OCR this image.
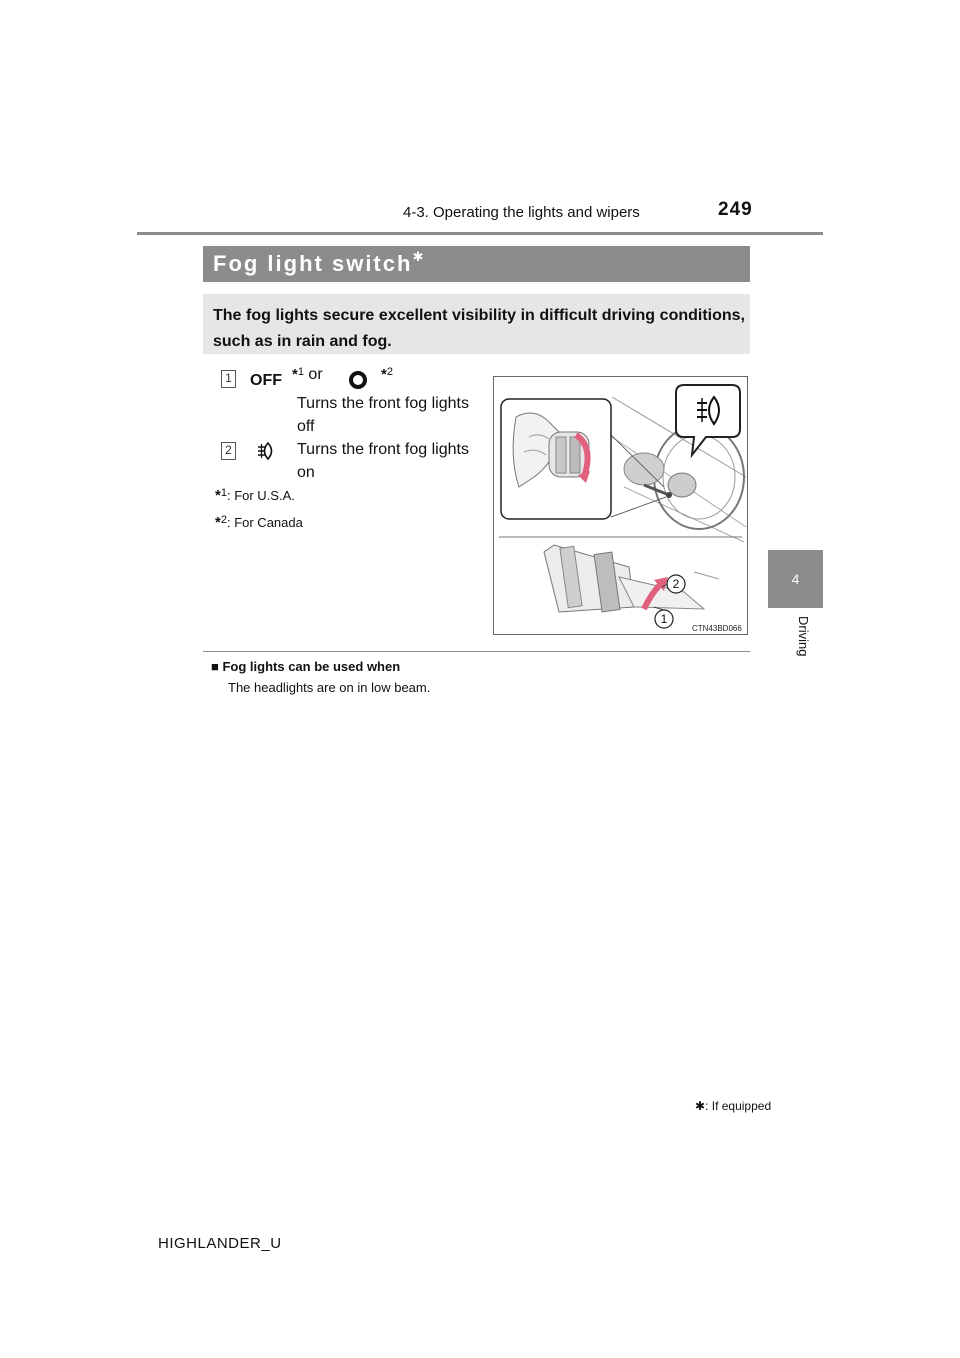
4-3. Operating the lights and wipers	249
4
Driving
Fog light switch✱
The fog lights secure excellent visibility in difficult driving conditions, such as in rain and fog.
1 OFF *$^1$ or	*$^2$
Turns the front fog lights off
2	Turns the front fog lights on
*$^1$: For U.S.A.
*$^2$: For Canada
2
1
CTN43BD066
■ Fog lights can be used when
The headlights are on in low beam.
✱: If equipped
HIGHLANDER_U
